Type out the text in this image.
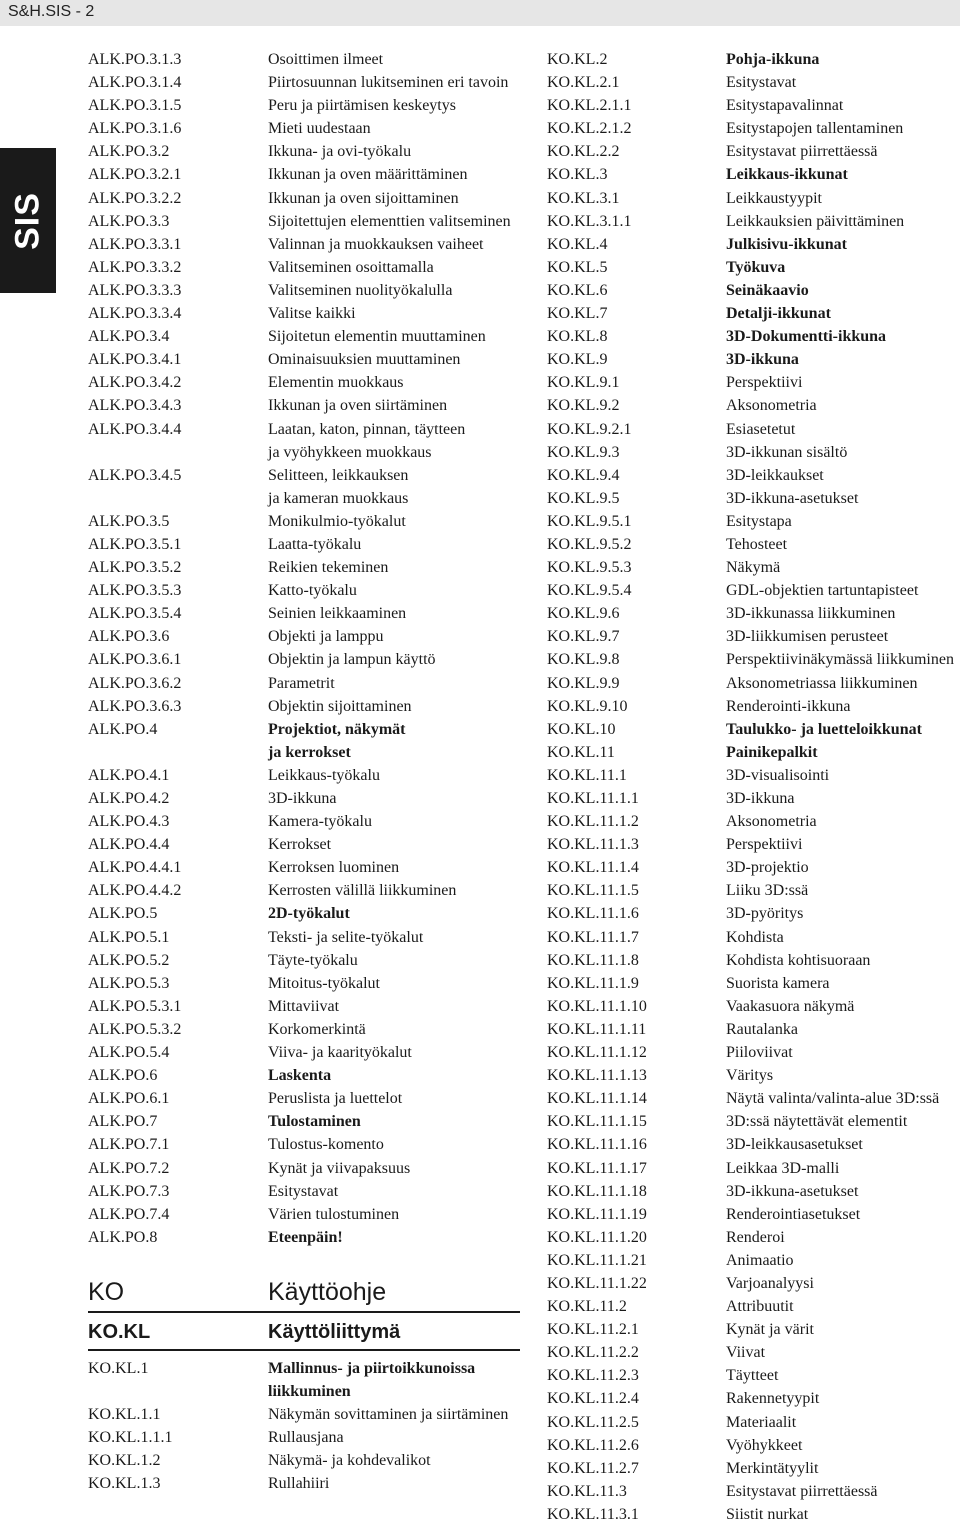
S&H.SIS - 2
SIS
ALK.PO.3.1.3	Osoittimen ilmeet
ALK.PO.3.1.4	Piirtosuunnan lukitseminen eri tavoin
ALK.PO.3.1.5	Peru ja piirtämisen keskeytys
ALK.PO.3.1.6	Mieti uudestaan
ALK.PO.3.2	Ikkuna- ja ovi-työkalu
ALK.PO.3.2.1	Ikkunan ja oven määrittäminen
ALK.PO.3.2.2	Ikkunan ja oven sijoittaminen
ALK.PO.3.3	Sijoitettujen elementtien valitseminen
ALK.PO.3.3.1	Valinnan ja muokkauksen vaiheet
ALK.PO.3.3.2	Valitseminen osoittamalla
ALK.PO.3.3.3	Valitseminen nuolityökalulla
ALK.PO.3.3.4	Valitse kaikki
ALK.PO.3.4	Sijoitetun elementin muuttaminen
ALK.PO.3.4.1	Ominaisuuksien muuttaminen
ALK.PO.3.4.2	Elementin muokkaus
ALK.PO.3.4.3	Ikkunan ja oven siirtäminen
ALK.PO.3.4.4	Laatan, katon, pinnan, täytteen
ja vyöhykkeen muokkaus
ALK.PO.3.4.5	Selitteen, leikkauksen
ja kameran muokkaus
ALK.PO.3.5	Monikulmio-työkalut
ALK.PO.3.5.1	Laatta-työkalu
ALK.PO.3.5.2	Reikien tekeminen
ALK.PO.3.5.3	Katto-työkalu
ALK.PO.3.5.4	Seinien leikkaaminen
ALK.PO.3.6	Objekti ja lamppu
ALK.PO.3.6.1	Objektin ja lampun käyttö
ALK.PO.3.6.2	Parametrit
ALK.PO.3.6.3	Objektin sijoittaminen
ALK.PO.4	Projektiot, näkymät
ja kerrokset
ALK.PO.4.1	Leikkaus-työkalu
ALK.PO.4.2	3D-ikkuna
ALK.PO.4.3	Kamera-työkalu
ALK.PO.4.4	Kerrokset
ALK.PO.4.4.1	Kerroksen luominen
ALK.PO.4.4.2	Kerrosten välillä liikkuminen
ALK.PO.5	2D-työkalut
ALK.PO.5.1	Teksti- ja selite-työkalut
ALK.PO.5.2	Täyte-työkalu
ALK.PO.5.3	Mitoitus-työkalut
ALK.PO.5.3.1	Mittaviivat
ALK.PO.5.3.2	Korkomerkintä
ALK.PO.5.4	Viiva- ja kaarityökalut
ALK.PO.6	Laskenta
ALK.PO.6.1	Peruslista ja luettelot
ALK.PO.7	Tulostaminen
ALK.PO.7.1	Tulostus-komento
ALK.PO.7.2	Kynät ja viivapaksuus
ALK.PO.7.3	Esitystavat
ALK.PO.7.4	Värien tulostuminen
ALK.PO.8	Eteenpäin!
KO	Käyttöohje
KO.KL	Käyttöliittymä
KO.KL.1	Mallinnus- ja piirtoikkunoissa
liikkuminen
KO.KL.1.1	Näkymän sovittaminen ja siirtäminen
KO.KL.1.1.1	Rullausjana
KO.KL.1.2	Näkymä- ja kohdevalikot
KO.KL.1.3	Rullahiiri
KO.KL.2	Pohja-ikkuna
KO.KL.2.1	Esitystavat
KO.KL.2.1.1	Esitystapavalinnat
KO.KL.2.1.2	Esitystapojen tallentaminen
KO.KL.2.2	Esitystavat piirrettäessä
KO.KL.3	Leikkaus-ikkunat
KO.KL.3.1	Leikkaustyypit
KO.KL.3.1.1	Leikkauksien päivittäminen
KO.KL.4	Julkisivu-ikkunat
KO.KL.5	Työkuva
KO.KL.6	Seinäkaavio
KO.KL.7	Detalji-ikkunat
KO.KL.8	3D-Dokumentti-ikkuna
KO.KL.9	3D-ikkuna
KO.KL.9.1	Perspektiivi
KO.KL.9.2	Aksonometria
KO.KL.9.2.1	Esiasetetut
KO.KL.9.3	3D-ikkunan sisältö
KO.KL.9.4	3D-leikkaukset
KO.KL.9.5	3D-ikkuna-asetukset
KO.KL.9.5.1	Esitystapa
KO.KL.9.5.2	Tehosteet
KO.KL.9.5.3	Näkymä
KO.KL.9.5.4	GDL-objektien tartuntapisteet
KO.KL.9.6	3D-ikkunassa liikkuminen
KO.KL.9.7	3D-liikkumisen perusteet
KO.KL.9.8	Perspektiivinäkymässä liikkuminen
KO.KL.9.9	Aksonometriassa liikkuminen
KO.KL.9.10	Renderointi-ikkuna
KO.KL.10	Taulukko- ja luetteloikkunat
KO.KL.11	Painikepalkit
KO.KL.11.1	3D-visualisointi
KO.KL.11.1.1	3D-ikkuna
KO.KL.11.1.2	Aksonometria
KO.KL.11.1.3	Perspektiivi
KO.KL.11.1.4	3D-projektio
KO.KL.11.1.5	Liiku 3D:ssä
KO.KL.11.1.6	3D-pyöritys
KO.KL.11.1.7	Kohdista
KO.KL.11.1.8	Kohdista kohtisuoraan
KO.KL.11.1.9	Suorista kamera
KO.KL.11.1.10	Vaakasuora näkymä
KO.KL.11.1.11	Rautalanka
KO.KL.11.1.12	Piiloviivat
KO.KL.11.1.13	Väritys
KO.KL.11.1.14	Näytä valinta/valinta-alue 3D:ssä
KO.KL.11.1.15	3D:ssä näytettävät elementit
KO.KL.11.1.16	3D-leikkausasetukset
KO.KL.11.1.17	Leikkaa 3D-malli
KO.KL.11.1.18	3D-ikkuna-asetukset
KO.KL.11.1.19	Renderointiasetukset
KO.KL.11.1.20	Renderoi
KO.KL.11.1.21	Animaatio
KO.KL.11.1.22	Varjoanalyysi
KO.KL.11.2	Attribuutit
KO.KL.11.2.1	Kynät ja värit
KO.KL.11.2.2	Viivat
KO.KL.11.2.3	Täytteet
KO.KL.11.2.4	Rakennetyypit
KO.KL.11.2.5	Materiaalit
KO.KL.11.2.6	Vyöhykkeet
KO.KL.11.2.7	Merkintätyylit
KO.KL.11.3	Esitystavat piirrettäessä
KO.KL.11.3.1	Siistit nurkat
